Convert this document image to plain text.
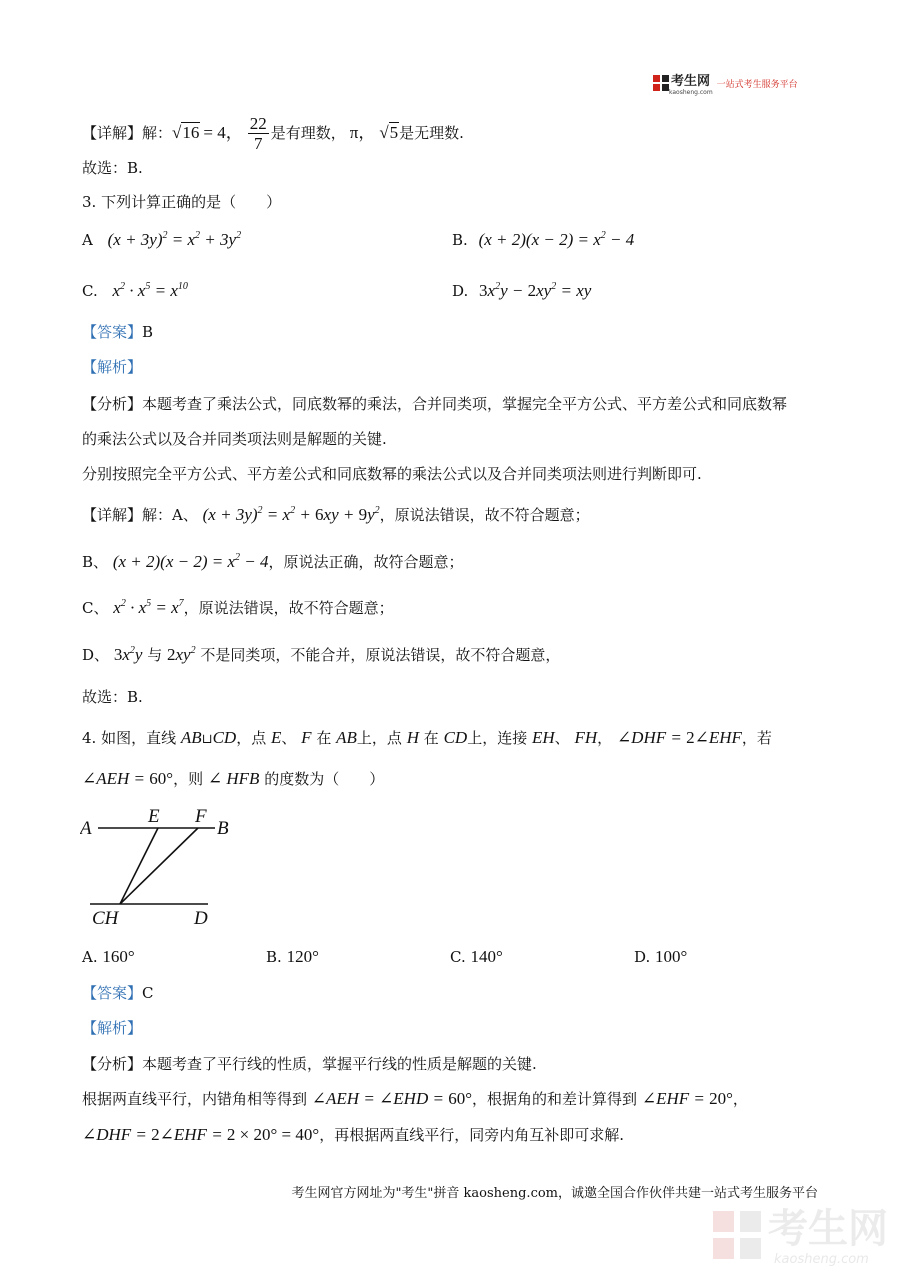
考生网
kaosheng.com
一站式考生服务平台
【详解】 解： √16 = 4， $\frac{22}{7}$ 是有理数， π， √5 是无理数.
故选：B.
3. 下列计算正确的是（　　）
A $(x + 3y)^2 = x^2 + 3y^2$	B. $(x + 2)(x - 2) = x^2 - 4$
C. $x^2 \cdot x^5 = x^{10}$	D. $3x^2y - 2xy^2$ = xy
【答案】B
【解析】
【分析】本题考查了乘法公式，同底数幂的乘法，合并同类项，掌握完全平方公式、平方差公式和同底数幂
的乘法公式以及合并同类项法则是解题的关键.
分别按照完全平方公式、平方差公式和同底数幂的乘法公式以及合并同类项法则进行判断即可.
【详解】解：A、 $(x + 3y)^2 = x^2 + 6xy + 9y^2$，原说法错误，故不符合题意；
B、 $(x + 2)(x - 2) = x^2 - 4$，原说法正确，故符合题意；
C、 $x^2 \cdot x^5 = x^7$，原说法错误，故不符合题意；
D、 $3x^2y$ 与 $2xy^2$ 不是同类项，不能合并，原说法错误，故不符合题意，
故选：B.
4. 如图，直线 AB⊔CD，点 E、 F 在 AB上，点 H 在 CD上，连接 EH、 FH， ∠DHF = 2∠EHF，若
∠AEH = 60°，则 ∠ HFB 的度数为（　　）
A
E F
B
CH	D
A. 160°	B. 120°	C. 140°	D. 100°
【答案】C
【解析】
【分析】本题考查了平行线的性质，掌握平行线的性质是解题的关键.
根据两直线平行，内错角相等得到 ∠AEH = ∠EHD = 60°，根据角的和差计算得到 ∠EHF = 20°，
∠DHF = 2∠EHF = 2 × 20° = 40°，再根据两直线平行，同旁内角互补即可求解.
考生网官方网址为"考生"拼音 kaosheng.com，诚邀全国合作伙伴共建一站式考生服务平台
考生网
kaosheng.com
